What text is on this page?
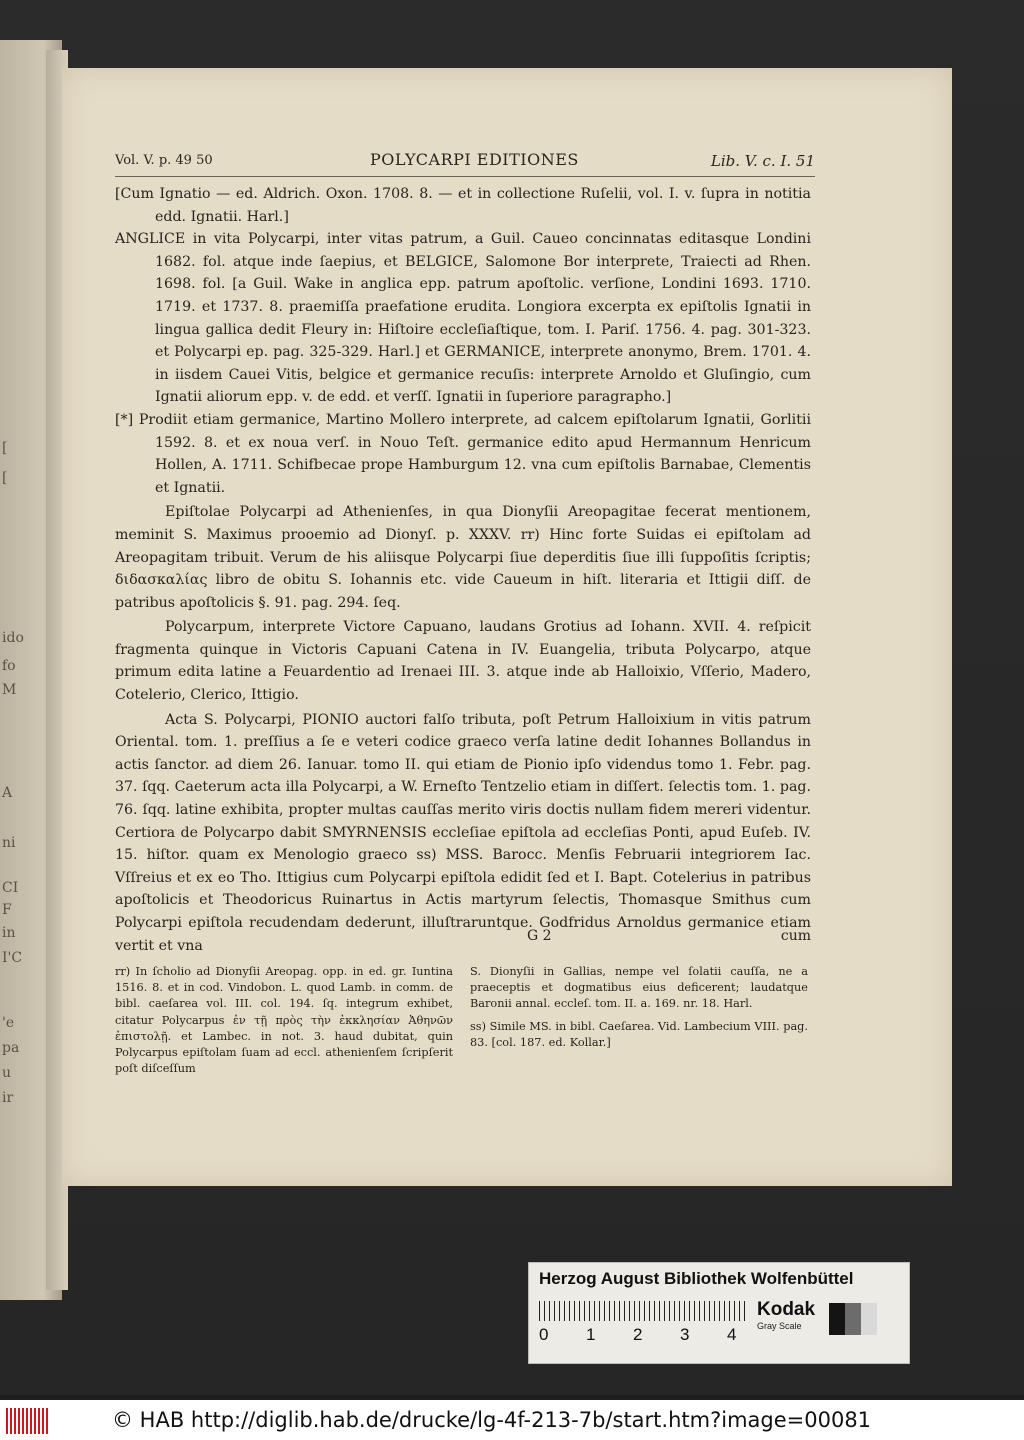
[
[
ido
fo
M
A
ni
CI
F
in
I'C
'e
pa
u
ir
Vol. V. p. 49 50	POLYCARPI EDITIONES	Lib. V. c. I. 51

[Cum Ignatio — ed. Aldrich. Oxon. 1708. 8. — et in collectione Ruſelii, vol. I. v. ſupra in notitia edd. Ignatii. Harl.]

ANGLICE in vita Polycarpi, inter vitas patrum, a Guil. Caueo concinnatas editasque Londini 1682. fol. atque inde ſaepius, et BELGICE, Salomone Bor interprete, Traiecti ad Rhen. 1698. fol. [a Guil. Wake in anglica epp. patrum apoſtolic. verſione, Londini 1693. 1710. 1719. et 1737. 8. praemiſſa praefatione erudita. Longiora excerpta ex epiſtolis Ignatii in lingua gallica dedit Fleury in: Hiſtoire eccleſiaſtique, tom. I. Pariſ. 1756. 4. pag. 301-323. et Polycarpi ep. pag. 325-329. Harl.] et GERMANICE, interprete anonymo, Brem. 1701. 4. in iisdem Cauei Vitis, belgice et germanice recuſis: interprete Arnoldo et Gluſingio, cum Ignatii aliorum epp. v. de edd. et verſſ. Ignatii in ſuperiore paragrapho.]

[*] Prodiit etiam germanice, Martino Mollero interprete, ad calcem epiſtolarum Ignatii, Gorlitii 1592. 8. et ex noua verſ. in Nouo Teſt. germanice edito apud Hermannum Henricum Hollen, A. 1711. Schifbecae prope Hamburgum 12. vna cum epiſtolis Barnabae, Clementis et Ignatii.

Epiſtolae Polycarpi ad Athenienſes, in qua Dionyſii Areopagitae fecerat mentionem, meminit S. Maximus prooemio ad Dionyſ. p. XXXV. rr) Hinc forte Suidas ei epiſtolam ad Areopagitam tribuit. Verum de his aliisque Polycarpi ſiue deperditis ſiue illi ſuppoſitis ſcriptis; διδασκαλίας libro de obitu S. Iohannis etc. vide Caueum in hiſt. literaria et Ittigii diſſ. de patribus apoſtolicis §. 91. pag. 294. ſeq.

Polycarpum, interprete Victore Capuano, laudans Grotius ad Iohann. XVII. 4. reſpicit fragmenta quinque in Victoris Capuani Catena in IV. Euangelia, tributa Polycarpo, atque primum edita latine a Feuardentio ad Irenaei III. 3. atque inde ab Halloixio, Vſſerio, Madero, Cotelerio, Clerico, Ittigio.

Acta S. Polycarpi, PIONIO auctori falſo tributa, poſt Petrum Halloixium in vitis patrum Oriental. tom. 1. preſſius a ſe e veteri codice graeco verſa latine dedit Iohannes Bollandus in actis ſanctor. ad diem 26. Ianuar. tomo II. qui etiam de Pionio ipſo videndus tomo 1. Febr. pag. 37. ſqq. Caeterum acta illa Polycarpi, a W. Erneſto Tentzelio etiam in diſſert. ſelectis tom. 1. pag. 76. ſqq. latine exhibita, propter multas cauſſas merito viris doctis nullam fidem mereri videntur. Certiora de Polycarpo dabit SMYRNENSIS eccleſiae epiſtola ad eccleſias Ponti, apud Euſeb. IV. 15. hiſtor. quam ex Menologio graeco ss) MSS. Barocc. Menſis Februarii integriorem Iac. Vſſreius et ex eo Tho. Ittigius cum Polycarpi epiſtola edidit ſed et I. Bapt. Cotelerius in patribus apoſtolicis et Theodoricus Ruinartus in Actis martyrum ſelectis, Thomasque Smithus cum Polycarpi epiſtola recudendam dederunt, illuſtraruntque. Godfridus Arnoldus germanice etiam vertit et vna

G 2	cum

rr) In ſcholio ad Dionyſii Areopag. opp. in ed. gr. Iuntina 1516. 8. et in cod. Vindobon. L. quod Lamb. in comm. de bibl. caeſarea vol. III. col. 194. ſq. integrum exhibet, citatur Polycarpus ἐν τῇ πρὸς τὴν ἐκκλησίαν Ἀθηνῶν ἐπιστολῇ. et Lambec. in not. 3. haud dubitat, quin Polycarpus epiſtolam ſuam ad eccl. athenienſem ſcripſerit poſt diſceſſum

S. Dionyſii in Gallias, nempe vel ſolatii cauſſa, ne a praeceptis et dogmatibus eius deficerent; laudatque Baronii annal. eccleſ. tom. II. a. 169. nr. 18. Harl.

ss) Simile MS. in bibl. Caeſarea. Vid. Lambecium VIII. pag. 83. [col. 187. ed. Kollar.]

Herzog August Bibliothek Wolfenbüttel
0 1 2 3 4
Kodak
Gray Scale
© HAB http://diglib.hab.de/drucke/lg-4f-213-7b/start.htm?image=00081
